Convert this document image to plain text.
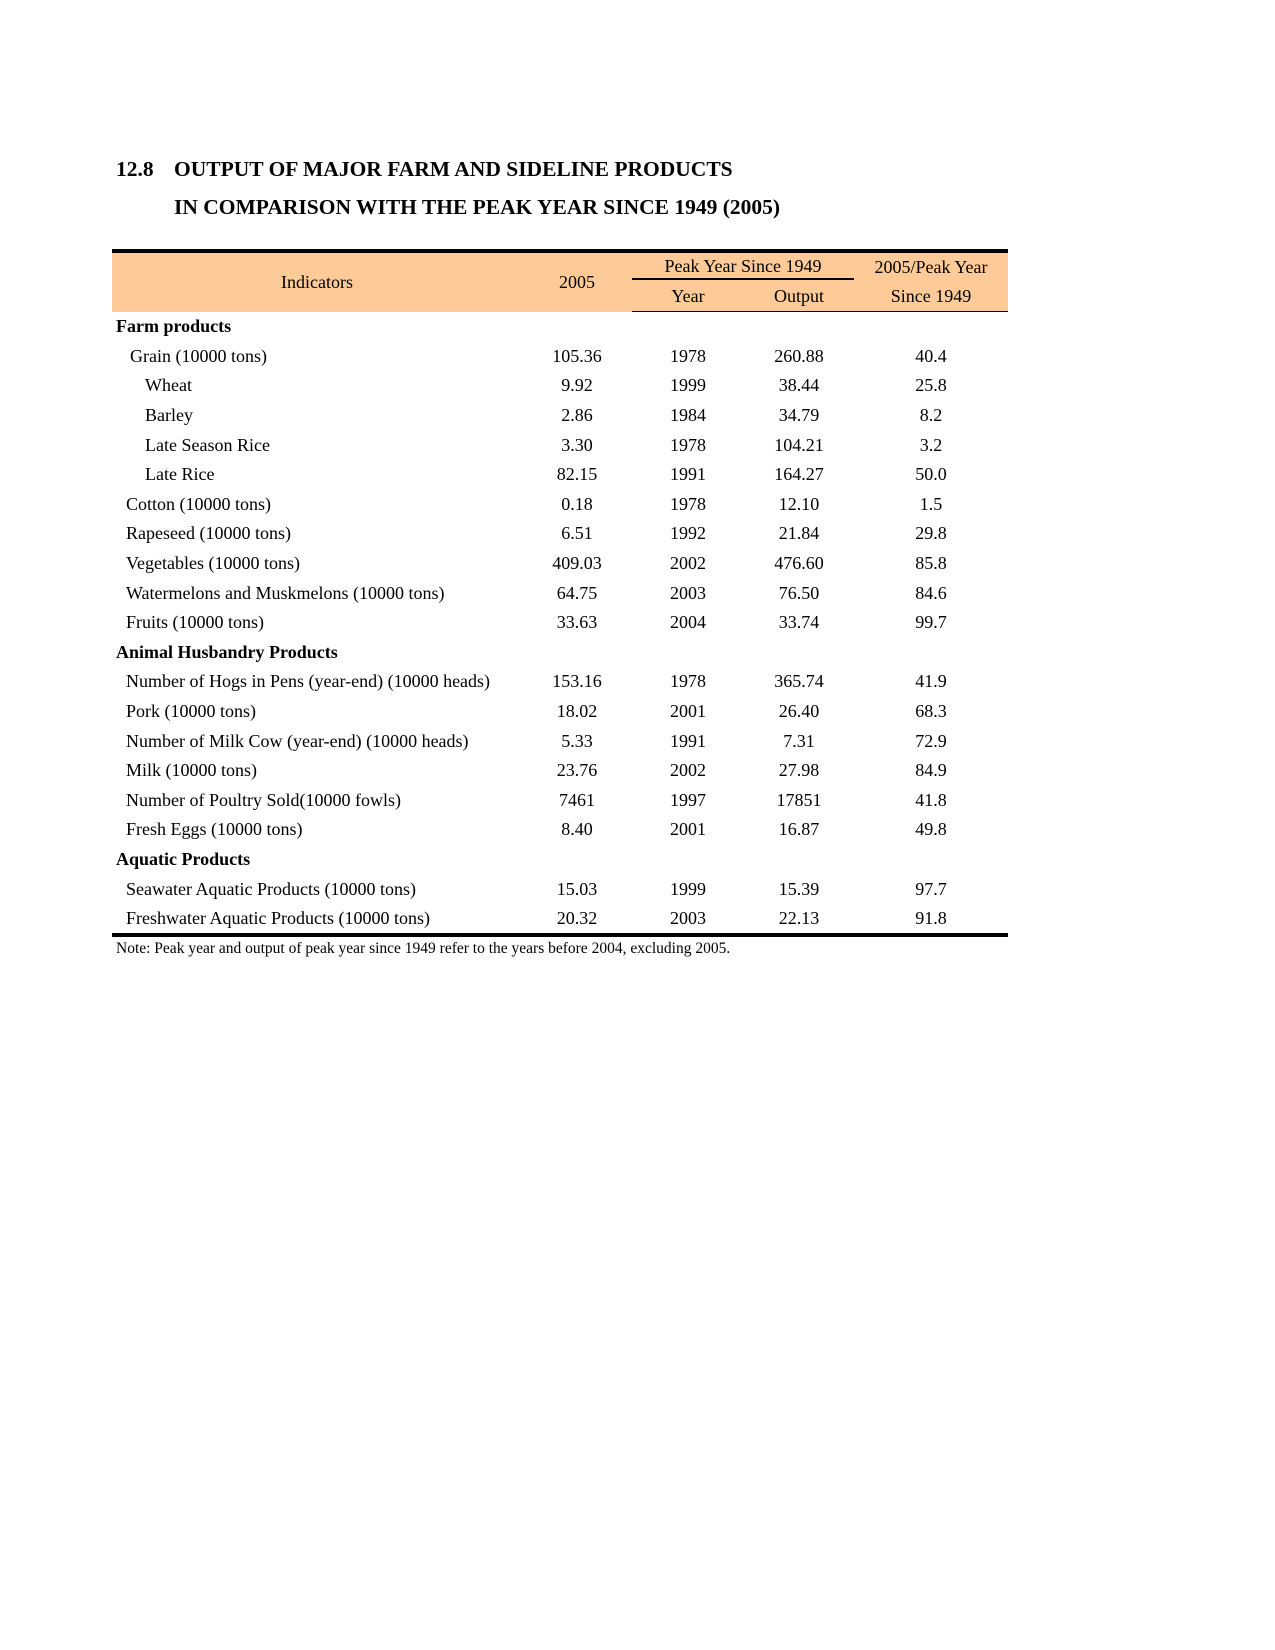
12.8 OUTPUT OF MAJOR FARM AND SIDELINE PRODUCTS
IN COMPARISON WITH THE PEAK YEAR SINCE 1949 (2005)
Indicators	2005	Peak Year Since 1949		2005/Peak Year
		Year	Output	Since 1949
Farm products				
Grain (10000 tons)	105.36	1978	260.88	40.4
Wheat	9.92	1999	38.44	25.8
Barley	2.86	1984	34.79	8.2
Late Season Rice	3.30	1978	104.21	3.2
Late Rice	82.15	1991	164.27	50.0
Cotton (10000 tons)	0.18	1978	12.10	1.5
Rapeseed (10000 tons)	6.51	1992	21.84	29.8
Vegetables (10000 tons)	409.03	2002	476.60	85.8
Watermelons and Muskmelons (10000 tons)	64.75	2003	76.50	84.6
Fruits (10000 tons)	33.63	2004	33.74	99.7
Animal Husbandry Products				
Number of Hogs in Pens (year-end) (10000 heads)	153.16	1978	365.74	41.9
Pork (10000 tons)	18.02	2001	26.40	68.3
Number of Milk Cow (year-end) (10000 heads)	5.33	1991	7.31	72.9
Milk (10000 tons)	23.76	2002	27.98	84.9
Number of Poultry Sold(10000 fowls)	7461	1997	17851	41.8
Fresh Eggs (10000 tons)	8.40	2001	16.87	49.8
Aquatic Products				
Seawater Aquatic Products (10000 tons)	15.03	1999	15.39	97.7
Freshwater Aquatic Products (10000 tons)	20.32	2003	22.13	91.8
Note: Peak year and output of peak year since 1949 refer to the years before 2004, excluding 2005.
